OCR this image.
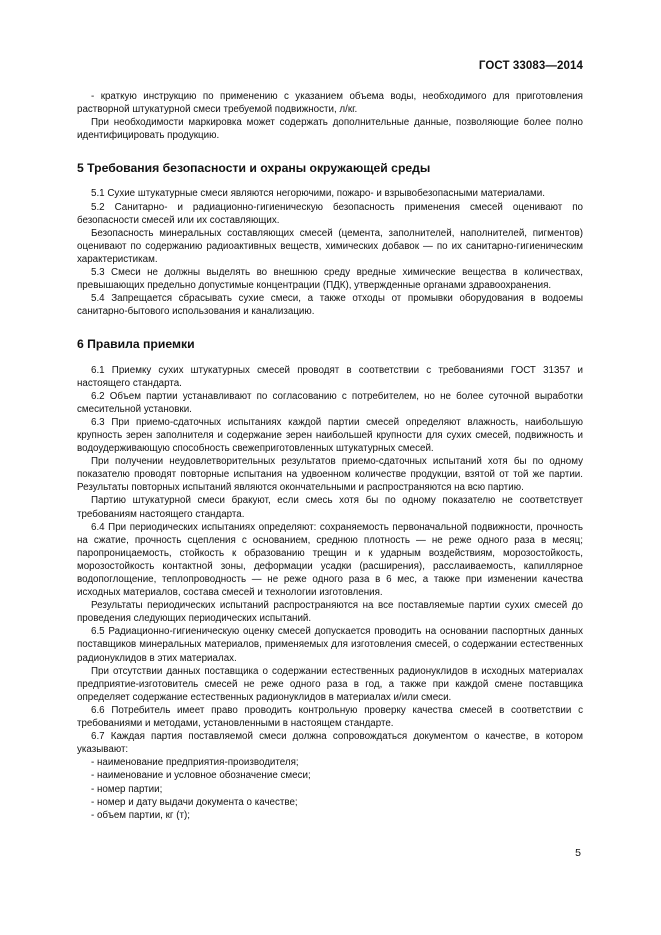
ГОСТ 33083—2014

- краткую инструкцию по применению с указанием объема воды, необходимого для приготовления растворной штукатурной смеси требуемой подвижности, л/кг.

При необходимости маркировка может содержать дополнительные данные, позволяющие более полно идентифицировать продукцию.

5 Требования безопасности и охраны окружающей среды

5.1 Сухие штукатурные смеси являются негорючими, пожаро- и взрывобезопасными материалами.

5.2 Санитарно- и радиационно-гигиеническую безопасность применения смесей оценивают по безопасности смесей или их составляющих.

Безопасность минеральных составляющих смесей (цемента, заполнителей, наполнителей, пигментов) оценивают по содержанию радиоактивных веществ, химических добавок — по их санитарно-гигиеническим характеристикам.

5.3 Смеси не должны выделять во внешнюю среду вредные химические вещества в количествах, превышающих предельно допустимые концентрации (ПДК), утвержденные органами здравоохранения.

5.4 Запрещается сбрасывать сухие смеси, а также отходы от промывки оборудования в водоемы санитарно-бытового использования и канализацию.

6 Правила приемки

6.1 Приемку сухих штукатурных смесей проводят в соответствии с требованиями ГОСТ 31357 и настоящего стандарта.

6.2 Объем партии устанавливают по согласованию с потребителем, но не более суточной выработки смесительной установки.

6.3 При приемо-сдаточных испытаниях каждой партии смесей определяют влажность, наибольшую крупность зерен заполнителя и содержание зерен наибольшей крупности для сухих смесей, подвижность и водоудерживающую способность свежеприготовленных штукатурных смесей.

При получении неудовлетворительных результатов приемо-сдаточных испытаний хотя бы по одному показателю проводят повторные испытания на удвоенном количестве продукции, взятой от той же партии. Результаты повторных испытаний являются окончательными и распространяются на всю партию.

Партию штукатурной смеси бракуют, если смесь хотя бы по одному показателю не соответствует требованиям настоящего стандарта.

6.4 При периодических испытаниях определяют: сохраняемость первоначальной подвижности, прочность на сжатие, прочность сцепления с основанием, среднюю плотность — не реже одного раза в месяц; паропроницаемость, стойкость к образованию трещин и к ударным воздействиям, морозостойкость, морозостойкость контактной зоны, деформации усадки (расширения), расслаиваемость, капиллярное водопоглощение, теплопроводность — не реже одного раза в 6 мес, а также при изменении качества исходных материалов, состава смесей и технологии изготовления.

Результаты периодических испытаний распространяются на все поставляемые партии сухих смесей до проведения следующих периодических испытаний.

6.5 Радиационно-гигиеническую оценку смесей допускается проводить на основании паспортных данных поставщиков минеральных материалов, применяемых для изготовления смесей, о содержании естественных радионуклидов в этих материалах.

При отсутствии данных поставщика о содержании естественных радионуклидов в исходных материалах предприятие-изготовитель смесей не реже одного раза в год, а также при каждой смене поставщика определяет содержание естественных радионуклидов в материалах и/или смеси.

6.6 Потребитель имеет право проводить контрольную проверку качества смесей в соответствии с требованиями и методами, установленными в настоящем стандарте.

6.7 Каждая партия поставляемой смеси должна сопровождаться документом о качестве, в котором указывают:

- наименование предприятия-производителя;

- наименование и условное обозначение смеси;

- номер партии;

- номер и дату выдачи документа о качестве;

- объем партии, кг (т);

5
